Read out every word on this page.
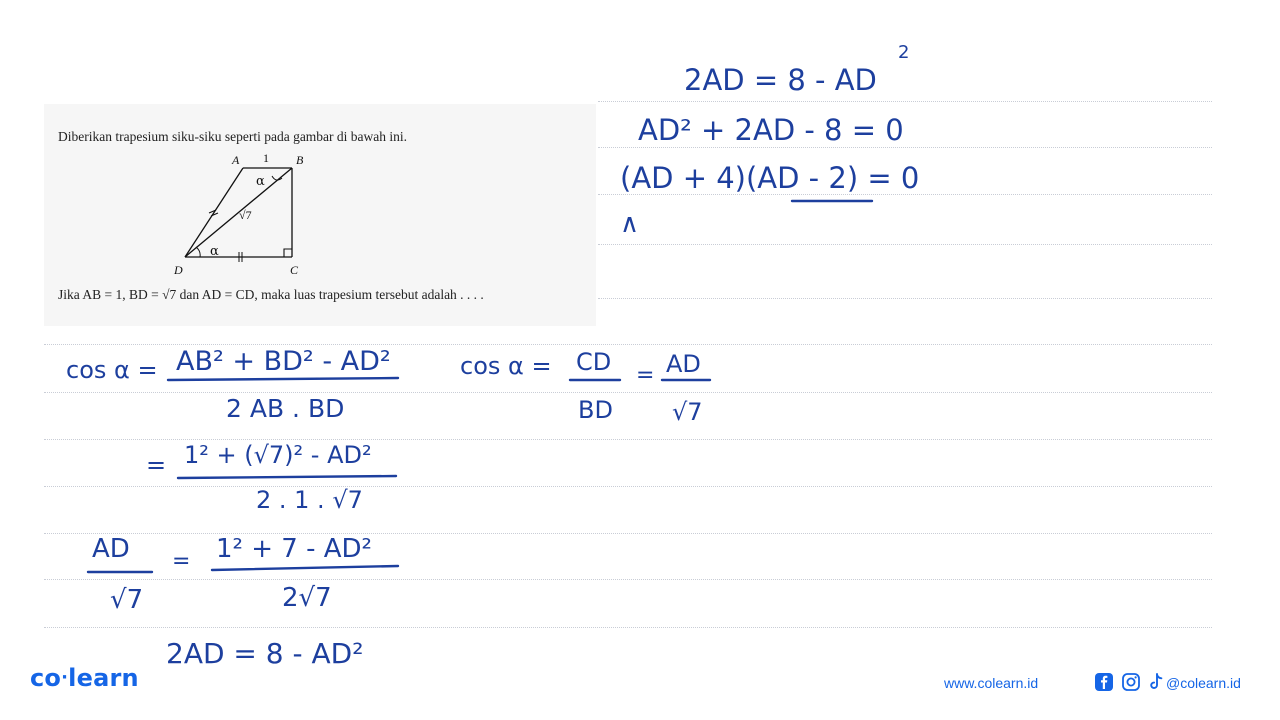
Diberikan trapesium siku-siku seperti pada gambar di bawah ini.
A	B
C
D
1
√7
α
α
Jika AB = 1, BD = √7 dan AD = CD, maka luas trapesium tersebut adalah . . . .
2AD = 8 - AD
2
AD² + 2AD - 8 = 0
(AD + 4)(AD - 2) = 0
∧
cos α = AB² + BD² - AD²
2 AB . BD
= 1² + (√7)² - AD²
2 . 1 . √7
AD
√7
= 1² + 7 - AD²
2√7
2AD = 8 - AD²
cos α = CD
BD
= AD
√7
co·learn	www.colearn.id	@colearn.id
